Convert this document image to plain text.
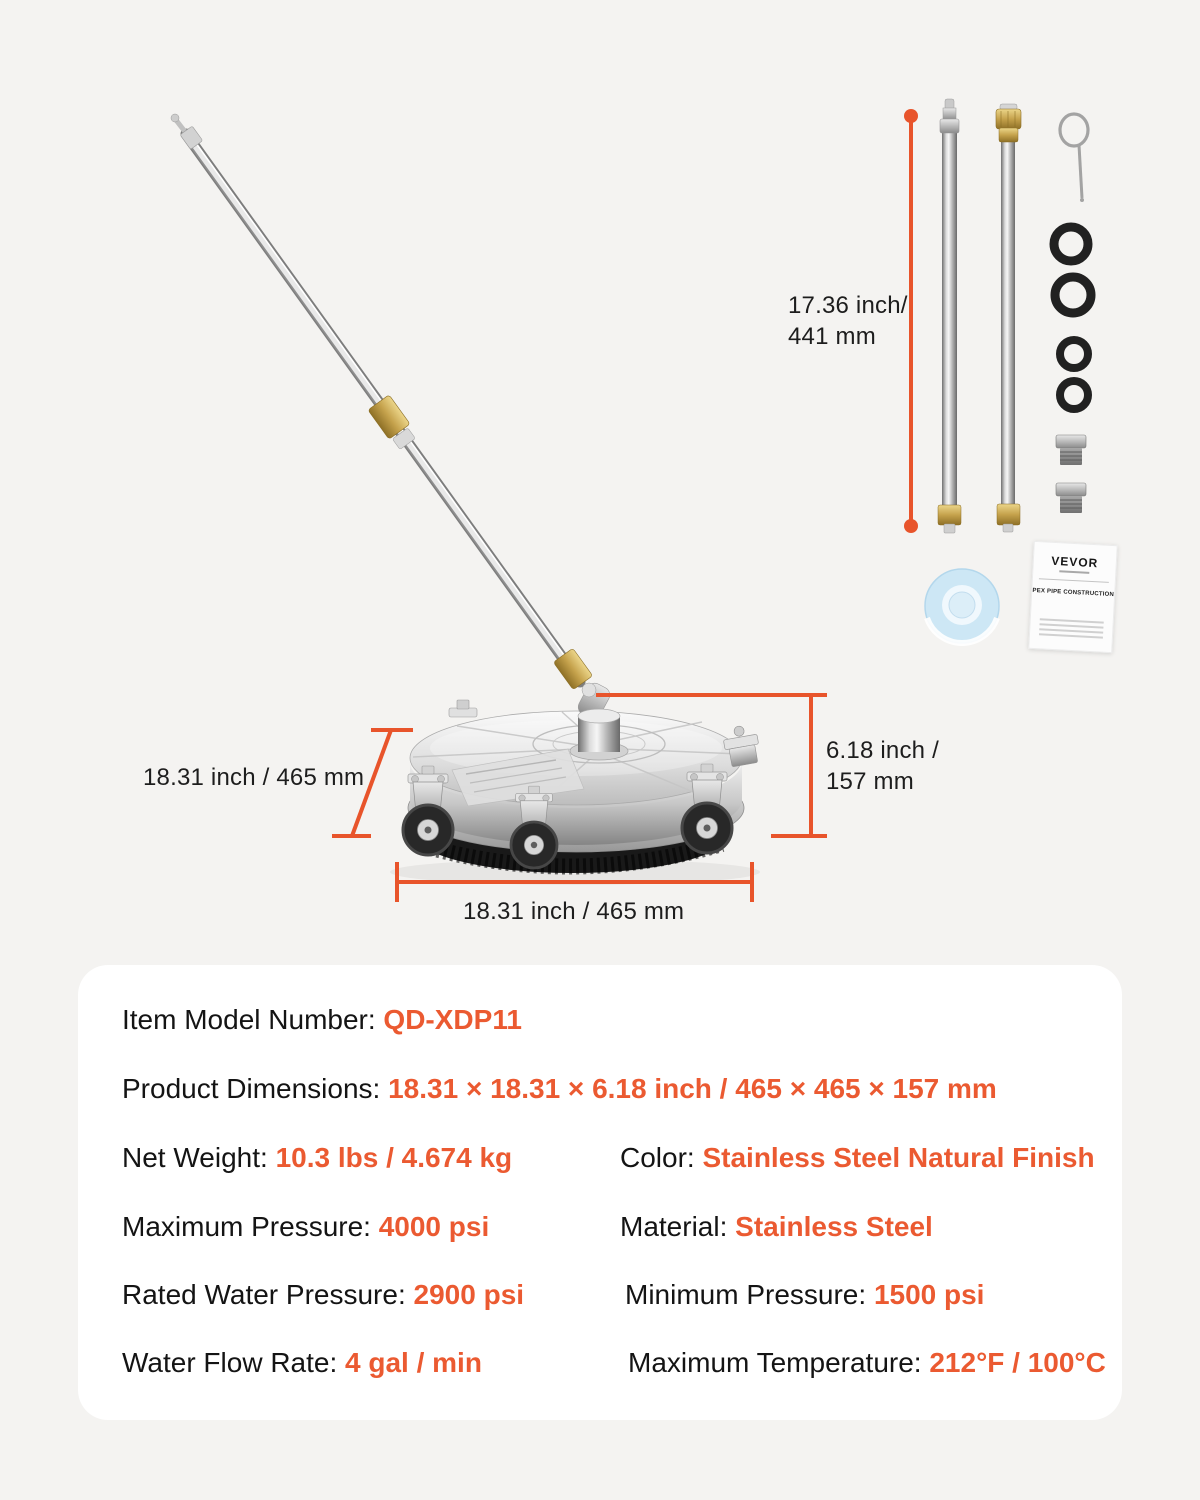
17.36 inch/
441 mm
18.31 inch / 465 mm
6.18 inch /
157 mm
18.31 inch / 465 mm
VEVOR
PEX PIPE CONSTRUCTION
Item Model Number: QD-XDP11
Product Dimensions: 18.31 × 18.31 × 6.18 inch / 465 × 465 × 157 mm
Net Weight: 10.3 lbs / 4.674 kg	Color: Stainless Steel Natural Finish
Maximum Pressure: 4000 psi	Material: Stainless Steel
Rated Water Pressure: 2900 psi	Minimum Pressure: 1500 psi
Water Flow Rate: 4 gal / min	Maximum Temperature: 212°F / 100°C
